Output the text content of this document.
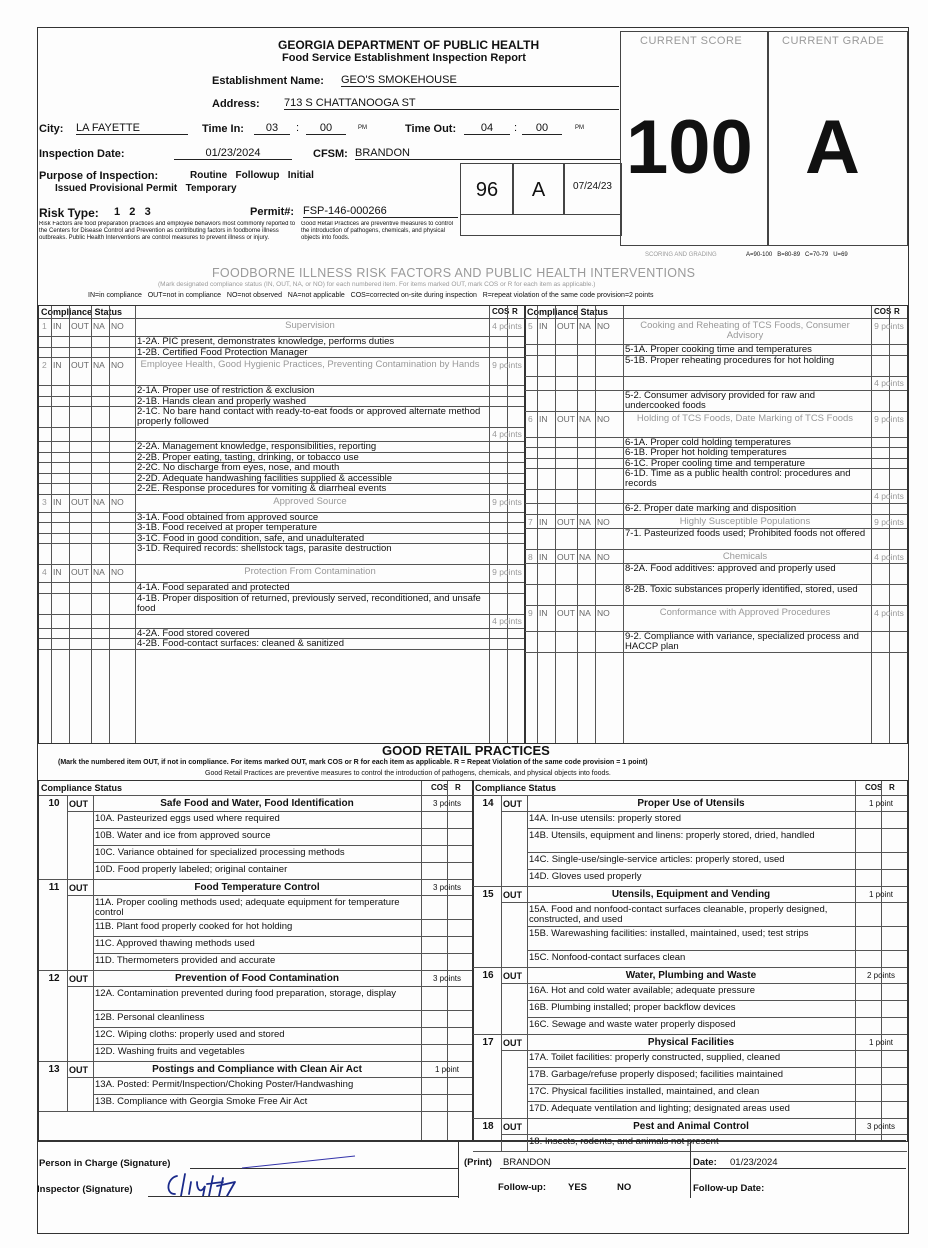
GEORGIA DEPARTMENT OF PUBLIC HEALTH
Food Service Establishment Inspection Report
Establishment Name: GEO'S SMOKEHOUSE
Address: 713 S CHATTANOOGA ST
City: LA FAYETTE	Time In:	03	:	00	PM	Time Out:	04	:	00	PM
Inspection Date:	01/23/2024	CFSM: BRANDON
Purpose of Inspection:	Routine   Followup   Initial
Issued Provisional Permit   Temporary
Risk Type: 1   2   3	Permit#: FSP-146-000266
Risk Factors are food preparation practices and employee behaviors most commonly reported to the Centers for Disease Control and Prevention as contributing factors in foodborne illness outbreaks. Public Health Interventions are control measures to prevent illness or injury.
Good Retail Practices are preventive measures to control the introduction of pathogens, chemicals, and physical objects into foods.
96	A	07/24/23
CURRENT SCORE	CURRENT GRADE
100 A
SCORING AND GRADING	A=90-100   B=80-89   C=70-79   U=69
FOODBORNE ILLNESS RISK FACTORS AND PUBLIC HEALTH INTERVENTIONS
(Mark designated compliance status (IN, OUT, NA, or NO) for each numbered item. For items marked OUT, mark COS or R for each item as applicable.)
IN=in compliance   OUT=not in compliance   NO=not observed   NA=not applicable   COS=corrected on-site during inspection   R=repeat violation of the same code provision=2 points
Compliance Status	COS R
1 IN OUT NA NO	Supervision	4 points
1-2A. PIC present, demonstrates knowledge, performs duties
1-2B. Certified Food Protection Manager
2 IN OUT NA NO	Employee Health, Good Hygienic Practices, Preventing Contamination by Hands	9 points
2-1A. Proper use of restriction & exclusion
2-1B. Hands clean and properly washed
2-1C. No bare hand contact with ready-to-eat foods or approved alternate method properly followed
4 points
2-2A. Management knowledge, responsibilities, reporting
2-2B. Proper eating, tasting, drinking, or tobacco use
2-2C. No discharge from eyes, nose, and mouth
2-2D. Adequate handwashing facilities supplied & accessible
2-2E. Response procedures for vomiting & diarrheal events
3 IN OUT NA NO	Approved Source	9 points
3-1A. Food obtained from approved source
3-1B. Food received at proper temperature
3-1C. Food in good condition, safe, and unadulterated
3-1D. Required records: shellstock tags, parasite destruction
4 IN OUT NA NO	Protection From Contamination	9 points
4-1A. Food separated and protected
4-1B. Proper disposition of returned, previously served, reconditioned, and unsafe food
4 points
4-2A. Food stored covered
4-2B. Food-contact surfaces: cleaned & sanitized
Compliance Status	COS R
5 IN OUT NA NO	Cooking and Reheating of TCS Foods, Consumer Advisory
9 points
5-1A. Proper cooking time and temperatures
5-1B. Proper reheating procedures for hot holding
4 points
5-2. Consumer advisory provided for raw and undercooked foods
6 IN OUT NA NO	Holding of TCS Foods, Date Marking of TCS Foods	9 points
6-1A. Proper cold holding temperatures
6-1B. Proper hot holding temperatures
6-1C. Proper cooling time and temperature
6-1D. Time as a public health control: procedures and records
4 points
6-2. Proper date marking and disposition
7 IN OUT NA NO	Highly Susceptible Populations	9 points
7-1. Pasteurized foods used; Prohibited foods not offered
8 IN OUT NA NO	Chemicals	4 points
8-2A. Food additives: approved and properly used
8-2B. Toxic substances properly identified, stored, used
9 IN OUT NA NO	Conformance with Approved Procedures	4 points
9-2. Compliance with variance, specialized process and HACCP plan
GOOD RETAIL PRACTICES
(Mark the numbered item OUT, if not in compliance. For items marked OUT, mark COS or R for each item as applicable. R = Repeat Violation of the same code provision = 1 point)
Good Retail Practices are preventive measures to control the introduction of pathogens, chemicals, and physical objects into foods.
Compliance Status	COS R
10	OUT	Safe Food and Water, Food Identification	3 points
10A. Pasteurized eggs used where required
10B. Water and ice from approved source
10C. Variance obtained for specialized processing methods
10D. Food properly labeled; original container
11	OUT	Food Temperature Control	3 points
11A. Proper cooling methods used; adequate equipment for temperature control
11B. Plant food properly cooked for hot holding
11C. Approved thawing methods used
11D. Thermometers provided and accurate
12	OUT	Prevention of Food Contamination	3 points
12A. Contamination prevented during food preparation, storage, display
12B. Personal cleanliness
12C. Wiping cloths: properly used and stored
12D. Washing fruits and vegetables
13	OUT	Postings and Compliance with Clean Air Act	1 point
13A. Posted: Permit/Inspection/Choking Poster/Handwashing
13B. Compliance with Georgia Smoke Free Air Act
Compliance Status	COS R
14	OUT	Proper Use of Utensils	1 point
14A. In-use utensils: properly stored
14B. Utensils, equipment and linens: properly stored, dried, handled
14C. Single-use/single-service articles: properly stored, used
14D. Gloves used properly
15	OUT	Utensils, Equipment and Vending	1 point
15A. Food and nonfood-contact surfaces cleanable, properly designed, constructed, and used
15B. Warewashing facilities: installed, maintained, used; test strips
15C. Nonfood-contact surfaces clean
16	OUT	Water, Plumbing and Waste	2 points
16A. Hot and cold water available; adequate pressure
16B. Plumbing installed; proper backflow devices
16C. Sewage and waste water properly disposed
17	OUT	Physical Facilities	1 point
17A. Toilet facilities: properly constructed, supplied, cleaned
17B. Garbage/refuse properly disposed; facilities maintained
17C. Physical facilities installed, maintained, and clean
17D. Adequate ventilation and lighting; designated areas used
18	OUT	Pest and Animal Control	3 points
18. Insects, rodents, and animals not present
Person in Charge (Signature)	(Print) BRANDON	Date: 01/23/2024
Inspector (Signature)	Follow-up: YES	NO	Follow-up Date:
